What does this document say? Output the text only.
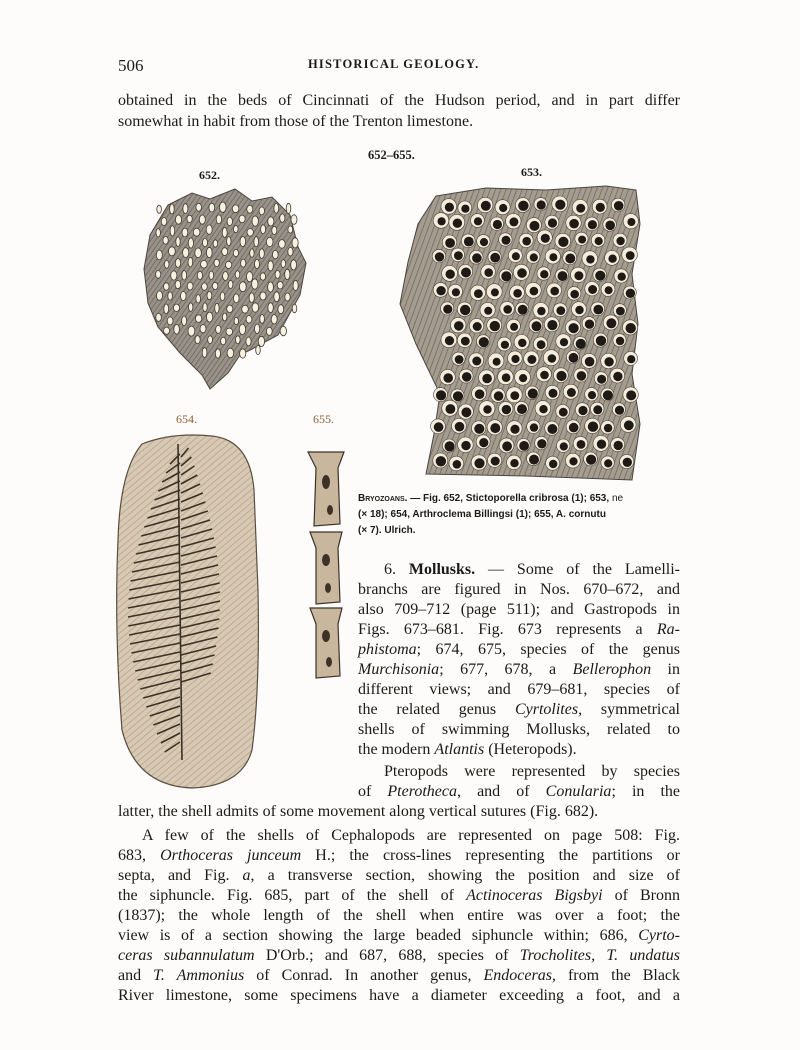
506	HISTORICAL GEOLOGY.
obtained in the beds of Cincinnati of the Hudson period, and in part differ
somewhat in habit from those of the Trenton limestone.
652–655.
652.	653.
654.	655.
Bryozoans. — Fig. 652, Stictoporella cribrosa (1); 653, ne
(× 18); 654, Arthroclema Billingsi (1); 655, A. cornutu
(× 7). Ulrich.
6. Mollusks. — Some of the Lamelli-
branchs are figured in Nos. 670–672, and
also 709–712 (page 511); and Gastropods in
Figs. 673–681. Fig. 673 represents a Ra-
phistoma; 674, 675, species of the genus
Murchisonia; 677, 678, a Bellerophon in
different views; and 679–681, species of
the related genus Cyrtolites, symmetrical
shells of swimming Mollusks, related to
the modern Atlantis (Heteropods).
Pteropods were represented by species
of Pterotheca, and of Conularia; in the
latter, the shell admits of some movement along vertical sutures (Fig. 682).
A few of the shells of Cephalopods are represented on page 508: Fig.
683, Orthoceras junceum H.; the cross-lines representing the partitions or
septa, and Fig. a, a transverse section, showing the position and size of
the siphuncle. Fig. 685, part of the shell of Actinoceras Bigsbyi of Bronn
(1837); the whole length of the shell when entire was over a foot; the
view is of a section showing the large beaded siphuncle within; 686, Cyrto-
ceras subannulatum D'Orb.; and 687, 688, species of Trocholites, T. undatus
and T. Ammonius of Conrad. In another genus, Endoceras, from the Black
River limestone, some specimens have a diameter exceeding a foot, and a
